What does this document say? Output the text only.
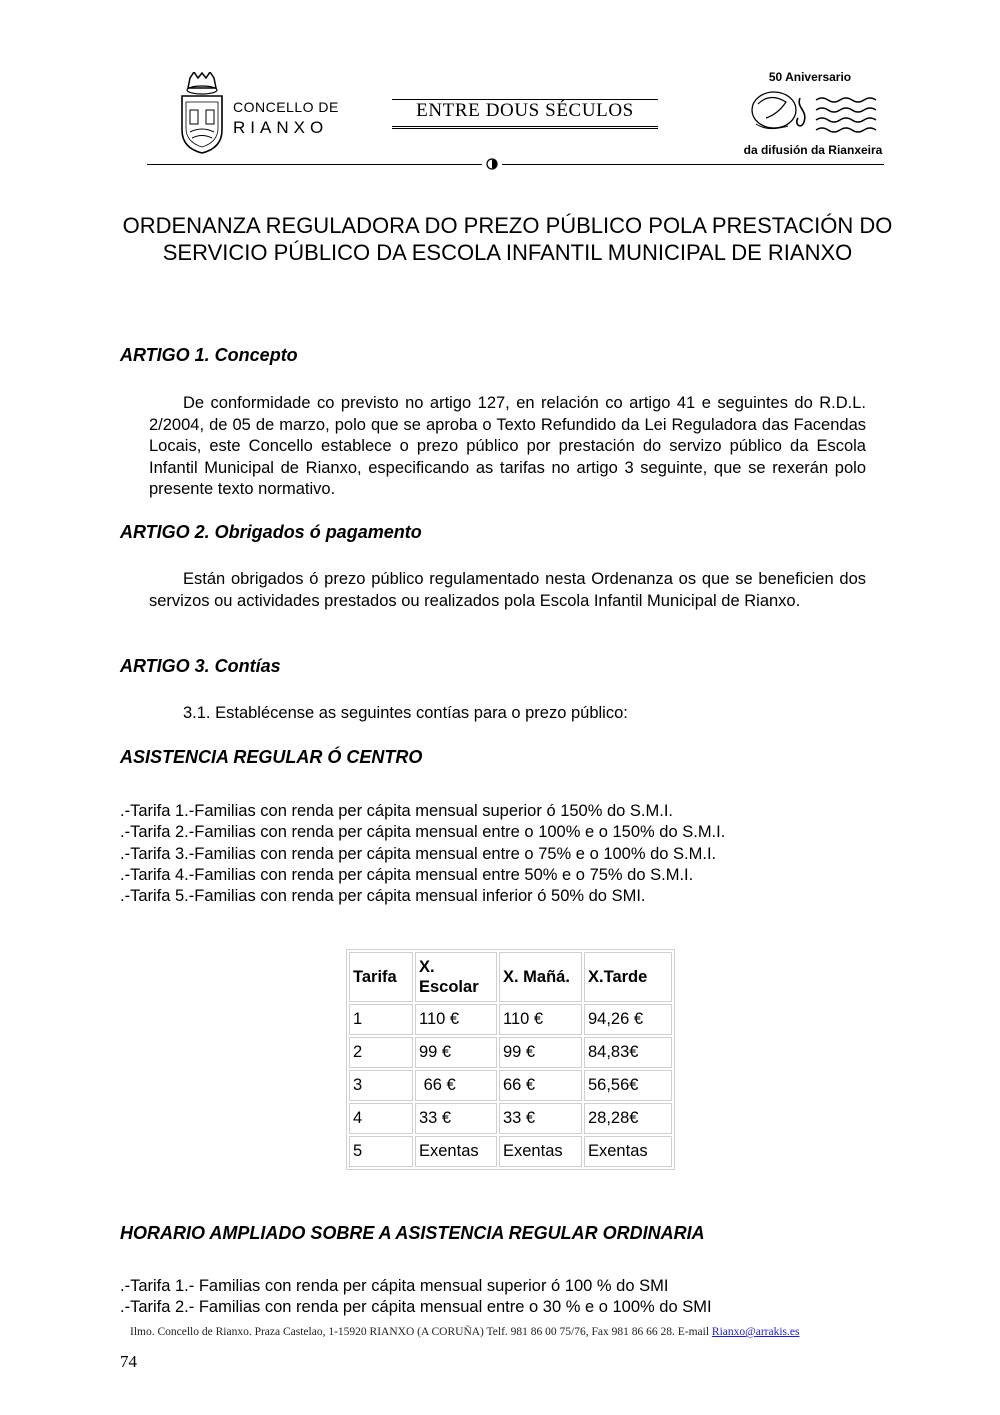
CONCELLO DE
RIANXO
ENTRE DOUS SÉCULOS
50 Aniversario
da difusión da Rianxeira
ORDENANZA REGULADORA DO PREZO PÚBLICO POLA PRESTACIÓN DO SERVICIO PÚBLICO DA ESCOLA INFANTIL MUNICIPAL DE RIANXO
ARTIGO 1. Concepto
De conformidade co previsto no artigo 127, en relación co artigo 41 e seguintes do R.D.L. 2/2004, de 05 de marzo, polo que se aproba o Texto Refundido da Lei Reguladora das Facendas Locais, este Concello establece o prezo público por prestación do servizo público da Escola Infantil Municipal de Rianxo, especificando as tarifas no artigo 3 seguinte, que se rexerán polo presente texto normativo.
ARTIGO 2. Obrigados ó pagamento
Están obrigados ó prezo público regulamentado nesta Ordenanza os que se beneficien dos servizos ou actividades prestados ou realizados pola Escola Infantil Municipal de Rianxo.
ARTIGO 3. Contías
3.1. Establécense as seguintes contías para o prezo público:
ASISTENCIA REGULAR Ó CENTRO
.-Tarifa 1.-Familias con renda per cápita mensual superior ó 150% do S.M.I.
.-Tarifa 2.-Familias con renda per cápita mensual entre o 100% e o 150% do S.M.I.
.-Tarifa 3.-Familias con renda per cápita mensual entre o 75% e o 100% do S.M.I.
.-Tarifa 4.-Familias con renda per cápita mensual entre 50% e o 75% do S.M.I.
.-Tarifa 5.-Familias con renda per cápita mensual inferior ó 50% do SMI.
Tarifa	X. Escolar	X. Mañá.	X.Tarde
1	110 €	110 €	94,26 €
2	99 €	99 €	84,83€
3	66 €	66 €	56,56€
4	33 €	33 €	28,28€
5	Exentas	Exentas	Exentas
HORARIO AMPLIADO SOBRE A ASISTENCIA REGULAR ORDINARIA
.-Tarifa 1.- Familias con renda per cápita mensual superior ó 100 % do SMI
.-Tarifa 2.- Familias con renda per cápita mensual entre o 30 % e o 100% do SMI
Ilmo. Concello de Rianxo. Praza Castelao, 1-15920 RIANXO (A CORUÑA) Telf. 981 86 00 75/76, Fax 981 86 66 28. E-mail Rianxo@arrakis.es
74
